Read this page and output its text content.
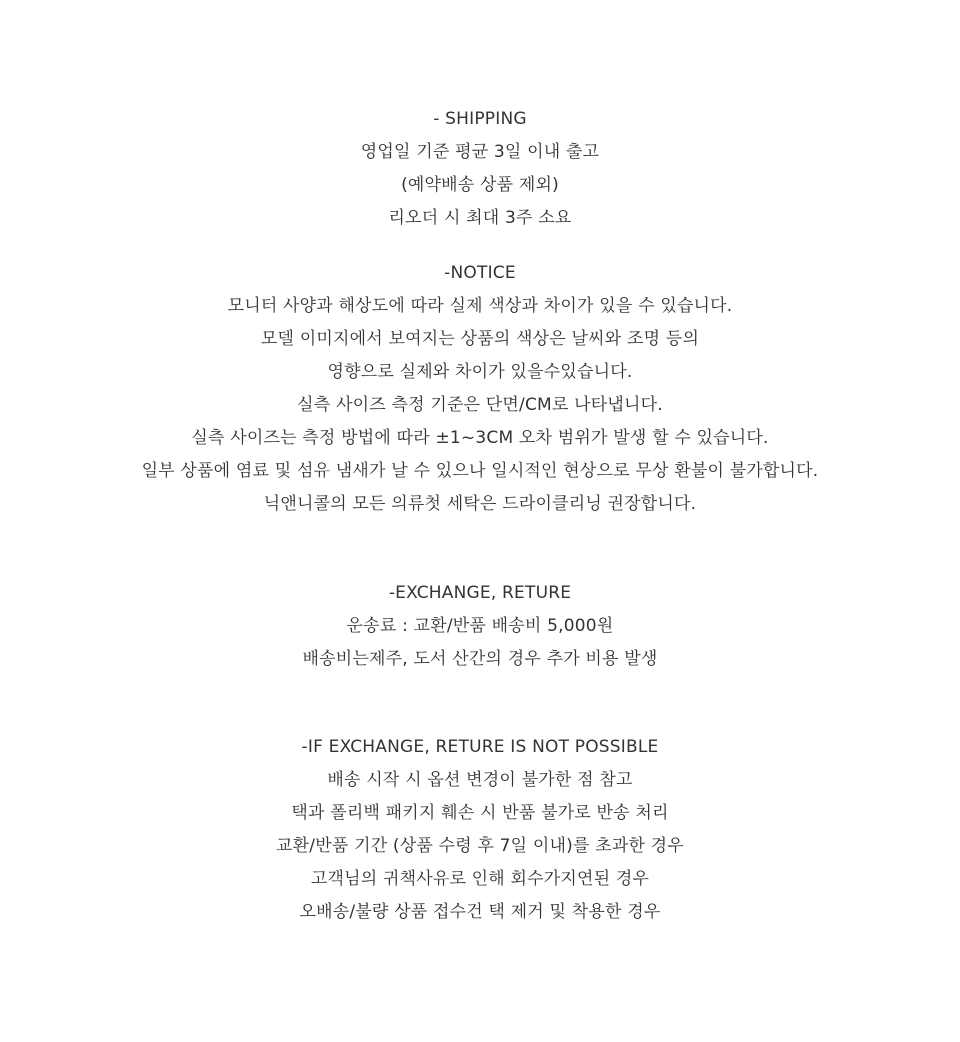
- SHIPPING
영업일 기준 평균 3일 이내 출고
(예약배송 상품 제외)
리오더 시 최대 3주 소요
-NOTICE
모니터 사양과 해상도에 따라 실제 색상과 차이가 있을 수 있습니다.
모델 이미지에서 보여지는 상품의 색상은 날씨와 조명 등의
영향으로 실제와 차이가 있을수있습니다.
실측 사이즈 측정 기준은 단면/CM로 나타냅니다.
실측 사이즈는 측정 방법에 따라 ±1~3CM 오차 범위가 발생 할 수 있습니다.
일부 상품에 염료 및 섬유 냄새가 날 수 있으나 일시적인 현상으로 무상 환불이 불가합니다.
닉앤니콜의 모든 의류첫 세탁은 드라이클리닝 권장합니다.
-EXCHANGE, RETURE
운송료 : 교환/반품 배송비 5,000원
배송비는제주, 도서 산간의 경우 추가 비용 발생
-IF EXCHANGE, RETURE IS NOT POSSIBLE
배송 시작 시 옵션 변경이 불가한 점 참고
택과 폴리백 패키지 훼손 시 반품 불가로 반송 처리
교환/반품 기간 (상품 수령 후 7일 이내)를 초과한 경우
고객님의 귀책사유로 인해 회수가지연된 경우
오배송/불량 상품 접수건 택 제거 및 착용한 경우
